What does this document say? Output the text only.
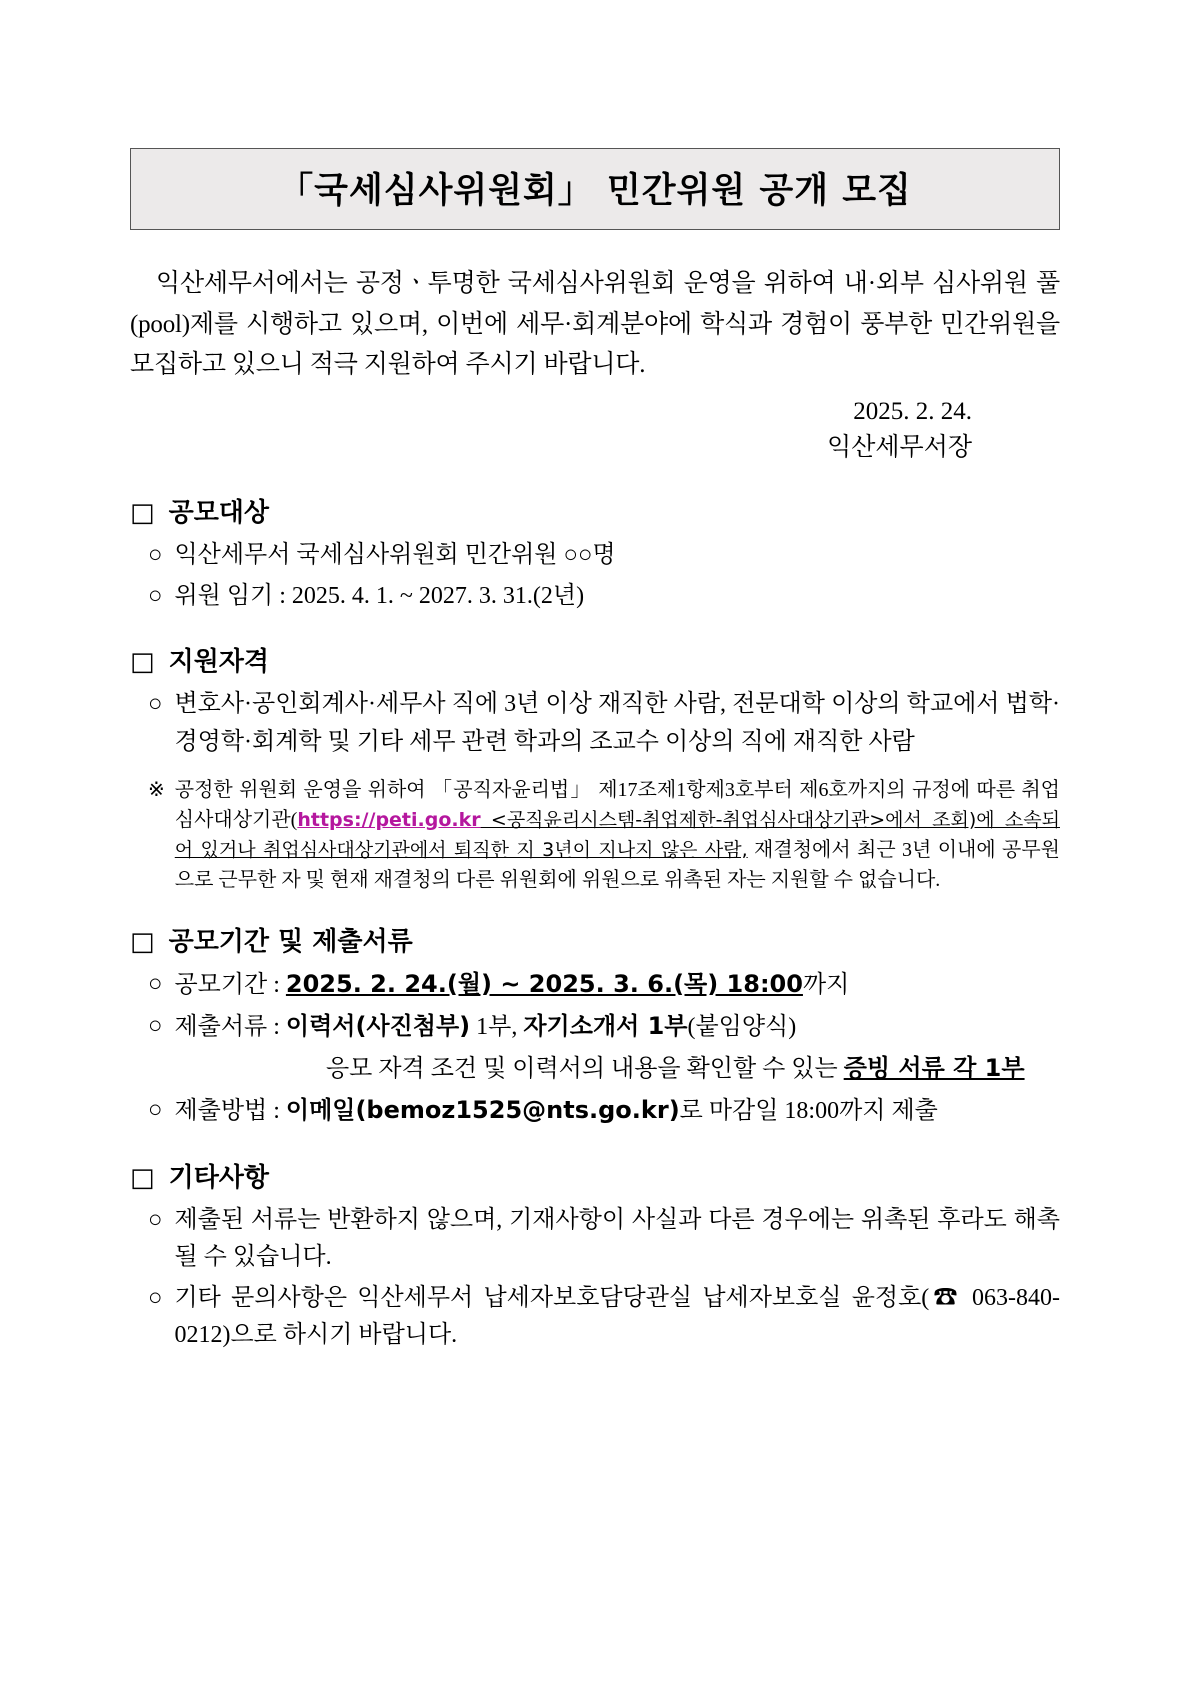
「국세심사위원회」 민간위원 공개 모집
익산세무서에서는 공정ㆍ투명한 국세심사위원회 운영을 위하여 내·외부 심사위원 풀(pool)제를 시행하고 있으며, 이번에 세무·회계분야에 학식과 경험이 풍부한 민간위원을 모집하고 있으니 적극 지원하여 주시기 바랍니다.
2025. 2. 24.
익산세무서장
□ 공모대상
○ 익산세무서 국세심사위원회 민간위원 ○○명
○ 위원 임기 : 2025. 4. 1. ~ 2027. 3. 31.(2년)
□ 지원자격
○ 변호사·공인회계사·세무사 직에 3년 이상 재직한 사람, 전문대학 이상의 학교에서 법학·경영학·회계학 및 기타 세무 관련 학과의 조교수 이상의 직에 재직한 사람
※ 공정한 위원회 운영을 위하여 「공직자윤리법」 제17조제1항제3호부터 제6호까지의 규정에 따른 취업심사대상기관(https://peti.go.kr <공직윤리시스템-취업제한-취업심사대상기관>에서 조회)에 소속되어 있거나 취업심사대상기관에서 퇴직한 지 3년이 지나지 않은 사람, 재결청에서 최근 3년 이내에 공무원으로 근무한 자 및 현재 재결청의 다른 위원회에 위원으로 위촉된 자는 지원할 수 없습니다.
□ 공모기간 및 제출서류
○ 공모기간 : 2025. 2. 24.(월) ~ 2025. 3. 6.(목) 18:00까지
○ 제출서류 : 이력서(사진첨부) 1부, 자기소개서 1부(붙임양식)
응모 자격 조건 및 이력서의 내용을 확인할 수 있는 증빙 서류 각 1부
○ 제출방법 : 이메일(bemoz1525@nts.go.kr)로 마감일 18:00까지 제출
□ 기타사항
○ 제출된 서류는 반환하지 않으며, 기재사항이 사실과 다른 경우에는 위촉된 후라도 해촉될 수 있습니다.
○ 기타 문의사항은 익산세무서 납세자보호담당관실 납세자보호실 윤정호(☎ 063-840-0212)으로 하시기 바랍니다.
